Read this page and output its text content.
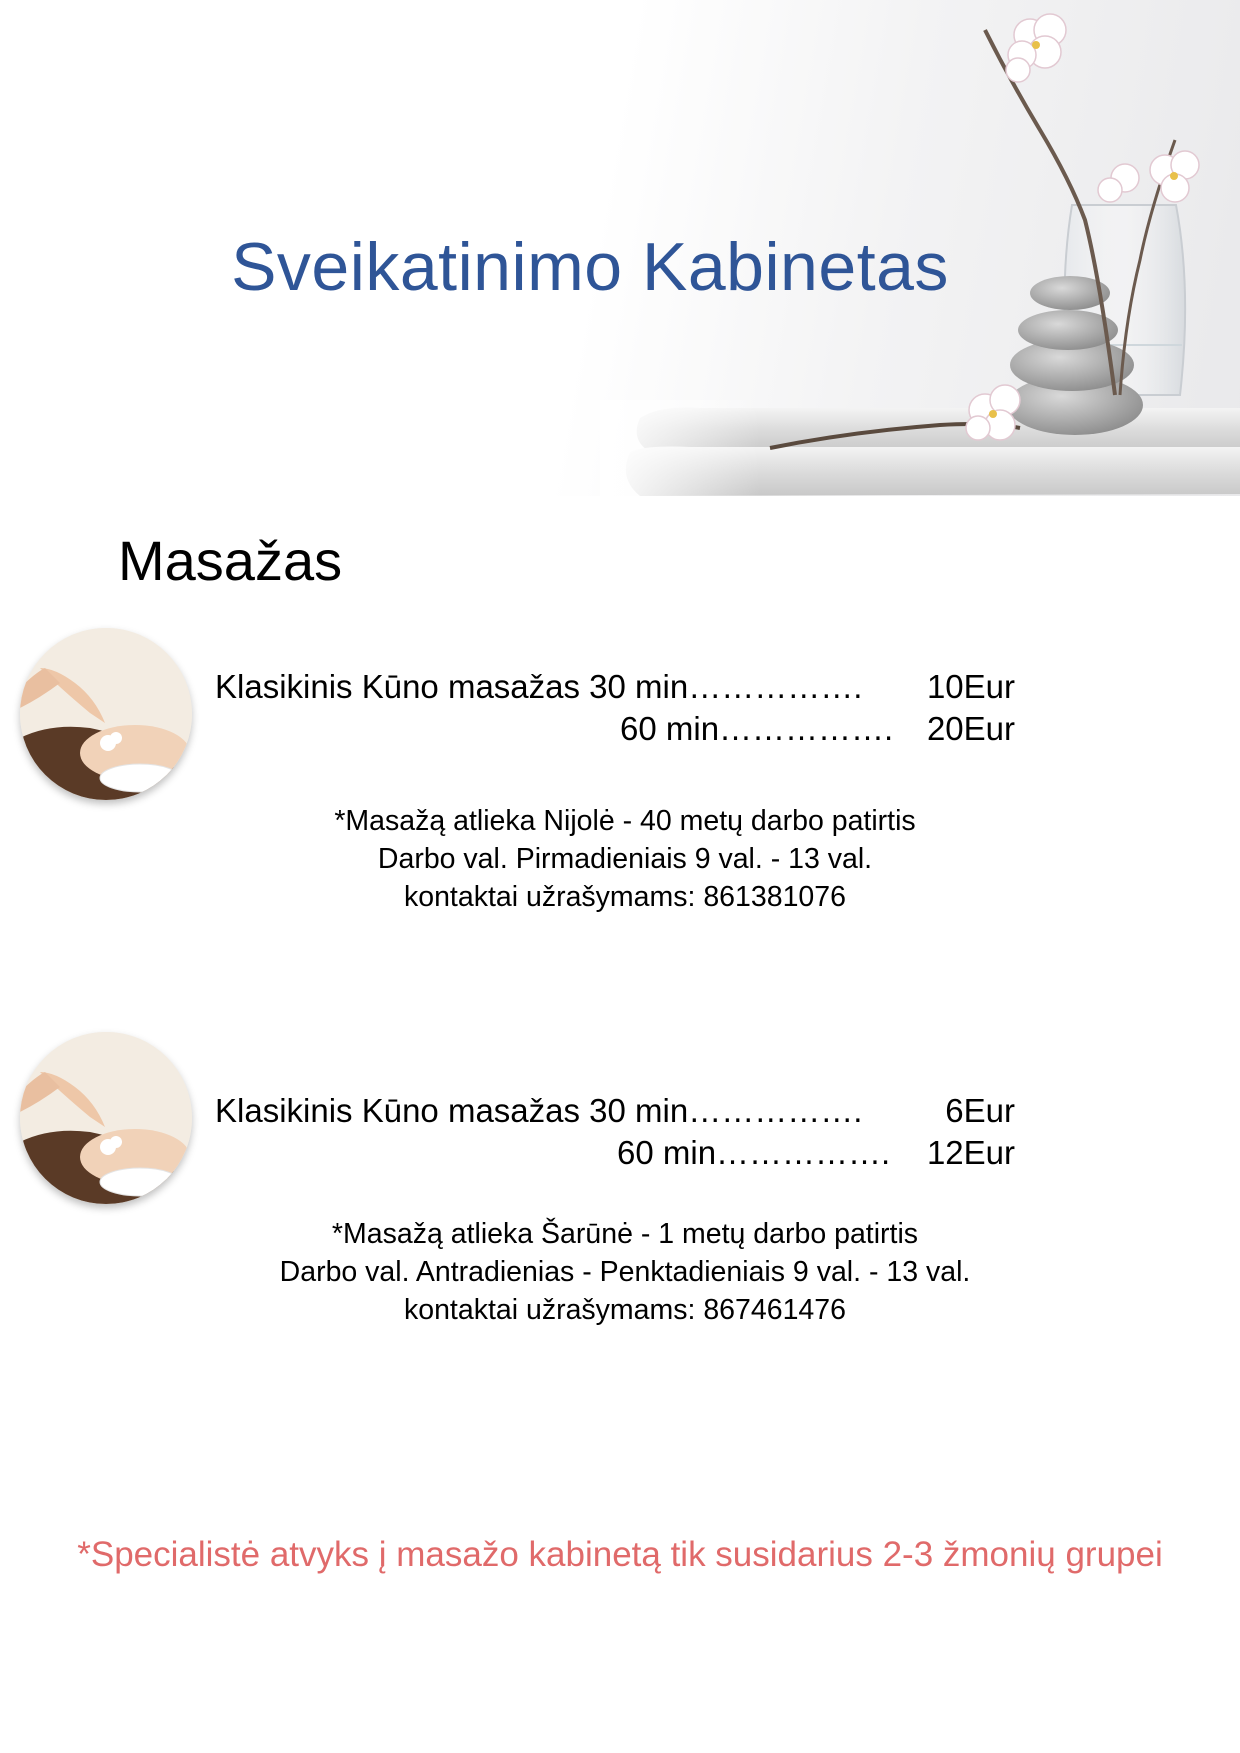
Sveikatinimo Kabinetas
Masažas
Klasikinis Kūno masažas 30 min……………. 10Eur
60 min……………. 20Eur
*Masažą atlieka Nijolė - 40 metų darbo patirtis
Darbo val. Pirmadieniais 9 val. - 13 val.
kontaktai užrašymams: 861381076
Klasikinis Kūno masažas 30 min…………….	6Eur
60 min……………. 12Eur
*Masažą atlieka Šarūnė - 1 metų darbo patirtis
Darbo val. Antradienias - Penktadieniais 9 val. - 13 val.
kontaktai užrašymams: 867461476
*Specialistė atvyks į masažo kabinetą tik susidarius 2-3 žmonių grupei
